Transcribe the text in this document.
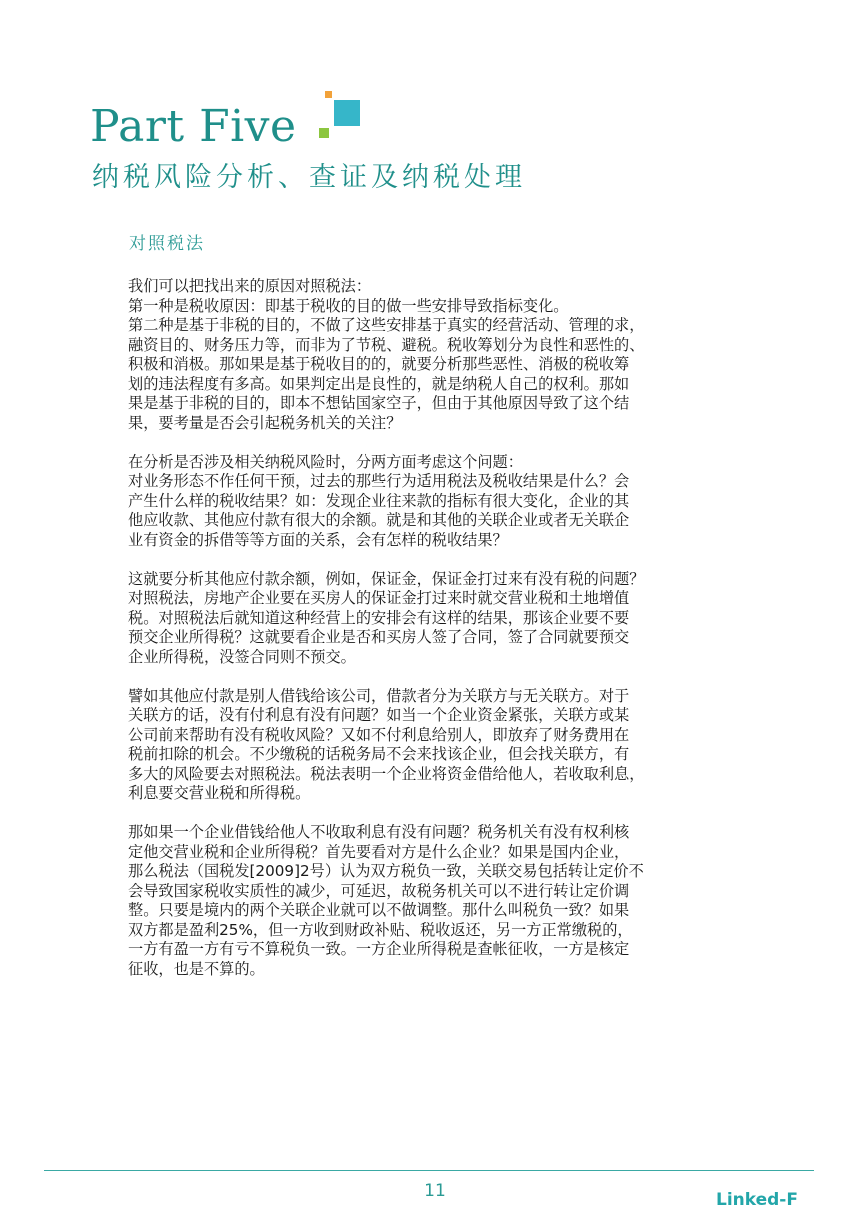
Part Five
纳税风险分析、查证及纳税处理
对照税法
我们可以把找出来的原因对照税法：
第一种是税收原因：即基于税收的目的做一些安排导致指标变化。
第二种是基于非税的目的，不做了这些安排基于真实的经营活动、管理的求，
融资目的、财务压力等，而非为了节税、避税。税收筹划分为良性和恶性的、
积极和消极。那如果是基于税收目的的，就要分析那些恶性、消极的税收筹
划的违法程度有多高。如果判定出是良性的，就是纳税人自己的权利。那如
果是基于非税的目的，即本不想钻国家空子，但由于其他原因导致了这个结
果，要考量是否会引起税务机关的关注？
在分析是否涉及相关纳税风险时，分两方面考虑这个问题：
对业务形态不作任何干预，过去的那些行为适用税法及税收结果是什么？会
产生什么样的税收结果？如：发现企业往来款的指标有很大变化，企业的其
他应收款、其他应付款有很大的余额。就是和其他的关联企业或者无关联企
业有资金的拆借等等方面的关系，会有怎样的税收结果？
这就要分析其他应付款余额，例如，保证金，保证金打过来有没有税的问题？
对照税法，房地产企业要在买房人的保证金打过来时就交营业税和土地增值
税。对照税法后就知道这种经营上的安排会有这样的结果，那该企业要不要
预交企业所得税？这就要看企业是否和买房人签了合同，签了合同就要预交
企业所得税，没签合同则不预交。
譬如其他应付款是别人借钱给该公司，借款者分为关联方与无关联方。对于
关联方的话，没有付利息有没有问题？如当一个企业资金紧张，关联方或某
公司前来帮助有没有税收风险？又如不付利息给别人，即放弃了财务费用在
税前扣除的机会。不少缴税的话税务局不会来找该企业，但会找关联方，有
多大的风险要去对照税法。税法表明一个企业将资金借给他人，若收取利息，
利息要交营业税和所得税。
那如果一个企业借钱给他人不收取利息有没有问题？税务机关有没有权利核
定他交营业税和企业所得税？首先要看对方是什么企业？如果是国内企业，
那么税法（国税发[2009]2号）认为双方税负一致，关联交易包括转让定价不
会导致国家税收实质性的减少，可延迟，故税务机关可以不进行转让定价调
整。只要是境内的两个关联企业就可以不做调整。那什么叫税负一致？如果
双方都是盈利25%，但一方收到财政补贴、税收返还，另一方正常缴税的，
一方有盈一方有亏不算税负一致。一方企业所得税是查帐征收，一方是核定
征收，也是不算的。
11	Linked-F
